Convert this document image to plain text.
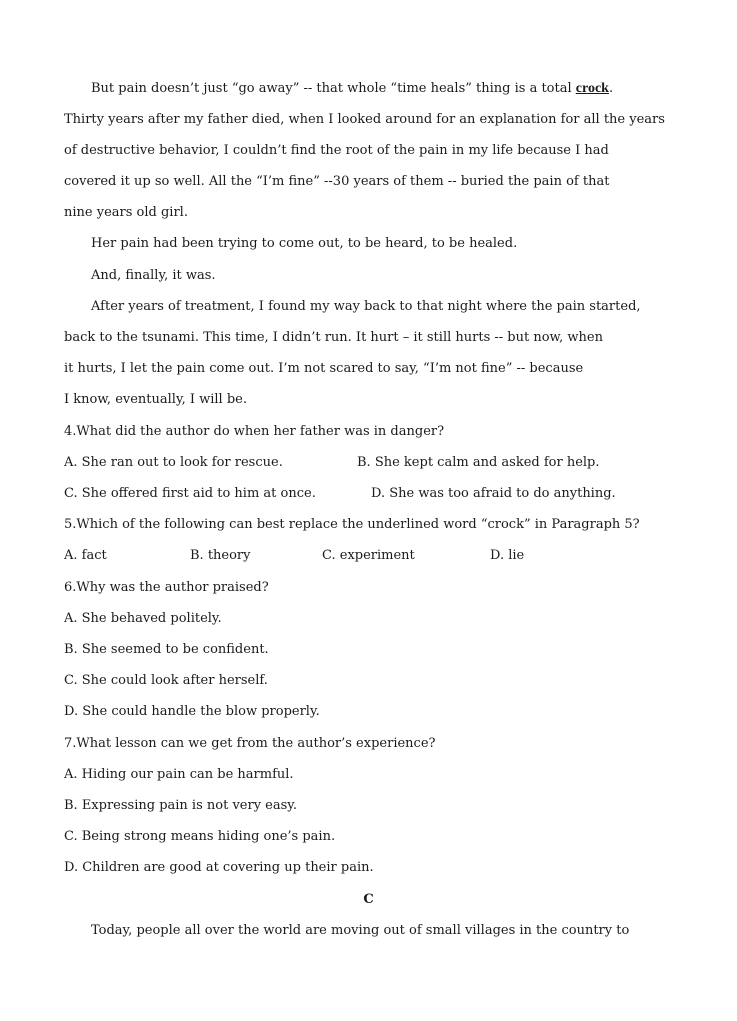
But pain doesn’t just “go away” -- that whole “time heals” thing is a total crock.
Thirty years after my father died, when I looked around for an explanation for all the years
of destructive behavior, I couldn’t find the root of the pain in my life because I had
covered it up so well. All the “I’m fine” --30 years of them -- buried the pain of that
nine years old girl.
Her pain had been trying to come out, to be heard, to be healed.
And, finally, it was.
After years of treatment, I found my way back to that night where the pain started,
back to the tsunami. This time, I didn’t run. It hurt – it still hurts -- but now, when
it hurts, I let the pain come out. I’m not scared to say, “I’m not fine” -- because
I know, eventually, I will be.
4.What did the author do when her father was in danger?
A. She ran out to look for rescue.	B. She kept calm and asked for help.
C. She offered first aid to him at once.	D. She was too afraid to do anything.
5.Which of the following can best replace the underlined word “crock” in Paragraph 5?
A. fact	B. theory	C. experiment	D. lie
6.Why was the author praised?
A. She behaved politely.
B. She seemed to be confident.
C. She could look after herself.
D. She could handle the blow properly.
7.What lesson can we get from the author’s experience?
A. Hiding our pain can be harmful.
B. Expressing pain is not very easy.
C. Being strong means hiding one’s pain.
D. Children are good at covering up their pain.
C
Today, people all over the world are moving out of small villages in the country to
